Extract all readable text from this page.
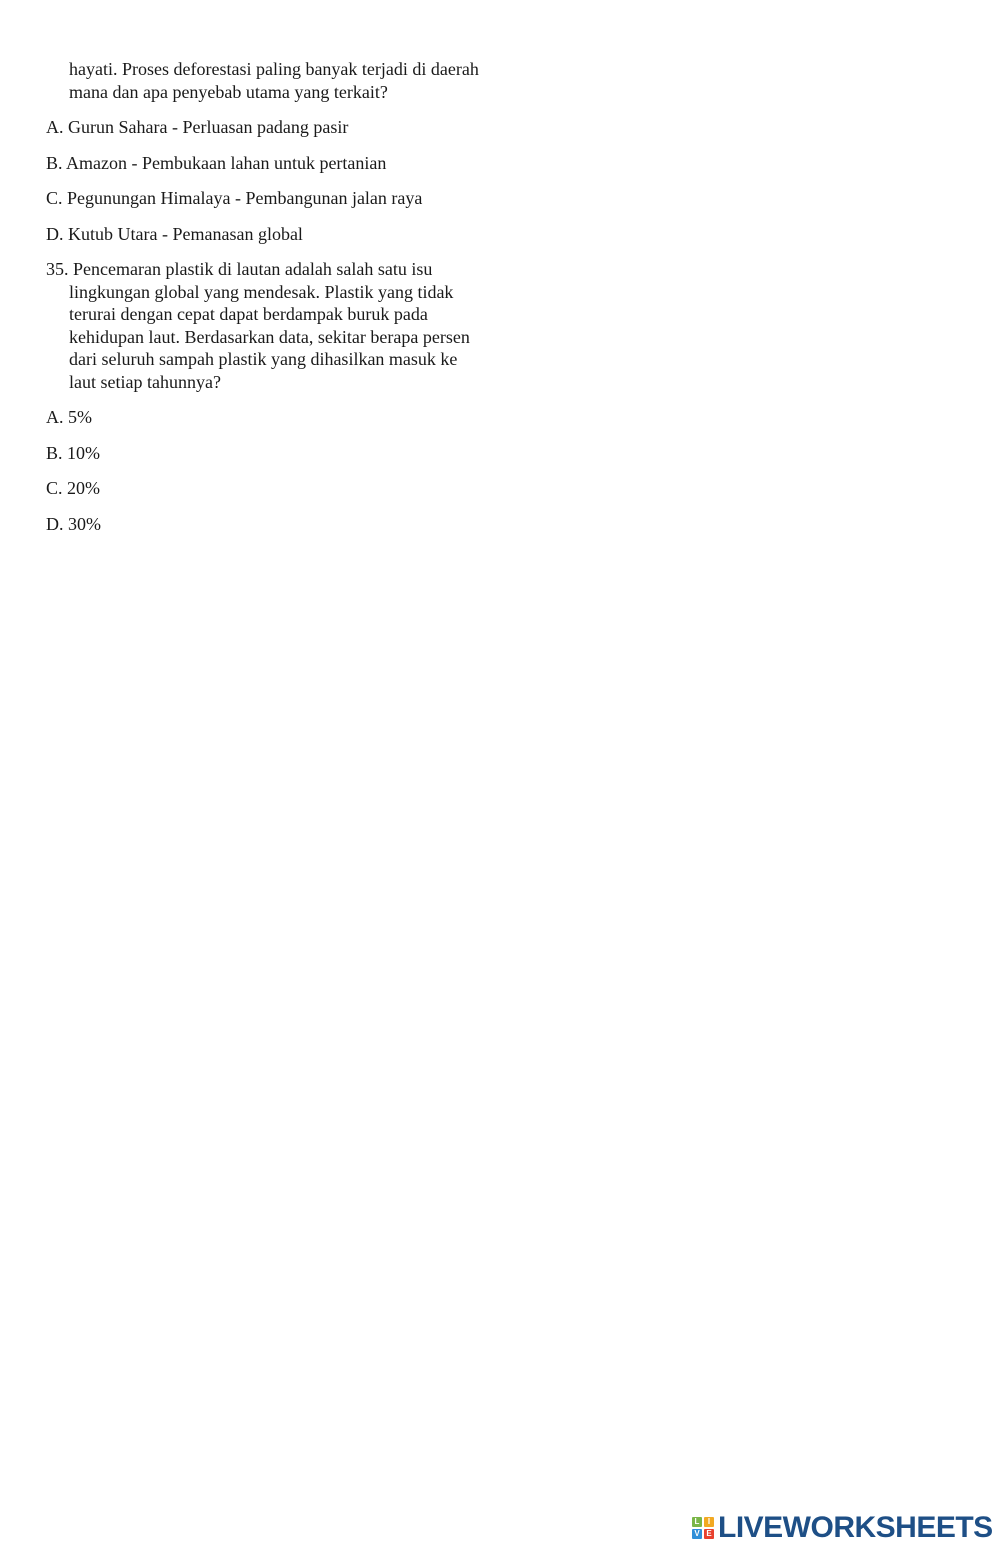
hayati. Proses deforestasi paling banyak terjadi di daerah mana dan apa penyebab utama yang terkait?

A. Gurun Sahara - Perluasan padang pasir

B. Amazon - Pembukaan lahan untuk pertanian

C. Pegunungan Himalaya - Pembangunan jalan raya

D. Kutub Utara - Pemanasan global

35. Pencemaran plastik di lautan adalah salah satu isu lingkungan global yang mendesak. Plastik yang tidak terurai dengan cepat dapat berdampak buruk pada kehidupan laut. Berdasarkan data, sekitar berapa persen dari seluruh sampah plastik yang dihasilkan masuk ke laut setiap tahunnya?

A. 5%

B. 10%

C. 20%

D. 30%

L	I
V E LIVEWORKSHEETS
